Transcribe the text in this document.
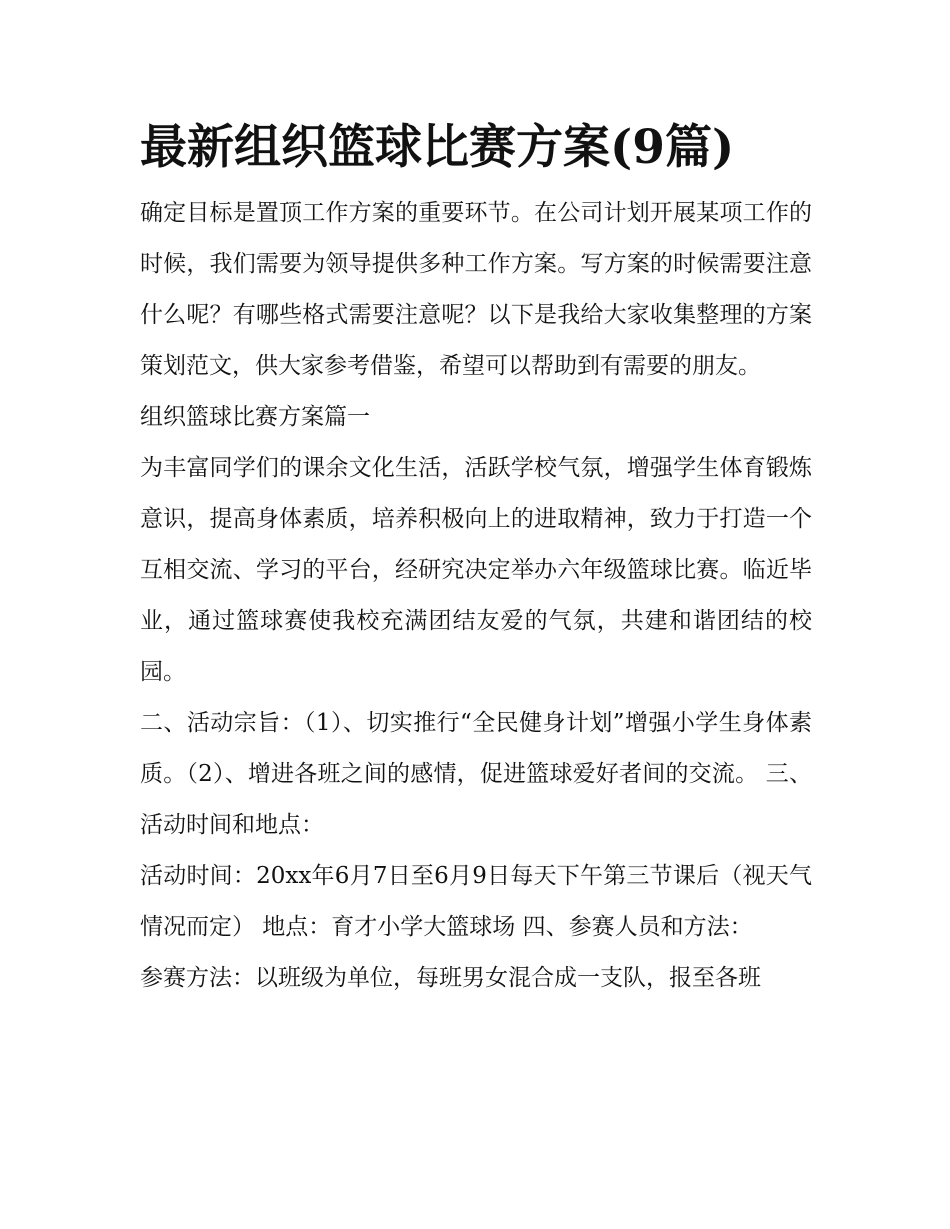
最新组织篮球比赛方案(9篇)

确定目标是置顶工作方案的重要环节。在公司计划开展某项工作的时候，我们需要为领导提供多种工作方案。写方案的时候需要注意什么呢？有哪些格式需要注意呢？以下是我给大家收集整理的方案策划范文，供大家参考借鉴，希望可以帮助到有需要的朋友。

组织篮球比赛方案篇一

为丰富同学们的课余文化生活，活跃学校气氛，增强学生体育锻炼意识，提高身体素质，培养积极向上的进取精神，致力于打造一个互相交流、学习的平台，经研究决定举办六年级篮球比赛。临近毕业，通过篮球赛使我校充满团结友爱的气氛，共建和谐团结的校园。

二、活动宗旨：（1）、切实推行“全民健身计划”增强小学生身体素质。（2）、增进各班之间的感情，促进篮球爱好者间的交流。 三、活动时间和地点：

活动时间：20xx年6月7日至6月9日每天下午第三节课后（视天气情况而定） 地点：育才小学大篮球场 四、参赛人员和方法：

参赛方法：以班级为单位，每班男女混合成一支队，报至各班
